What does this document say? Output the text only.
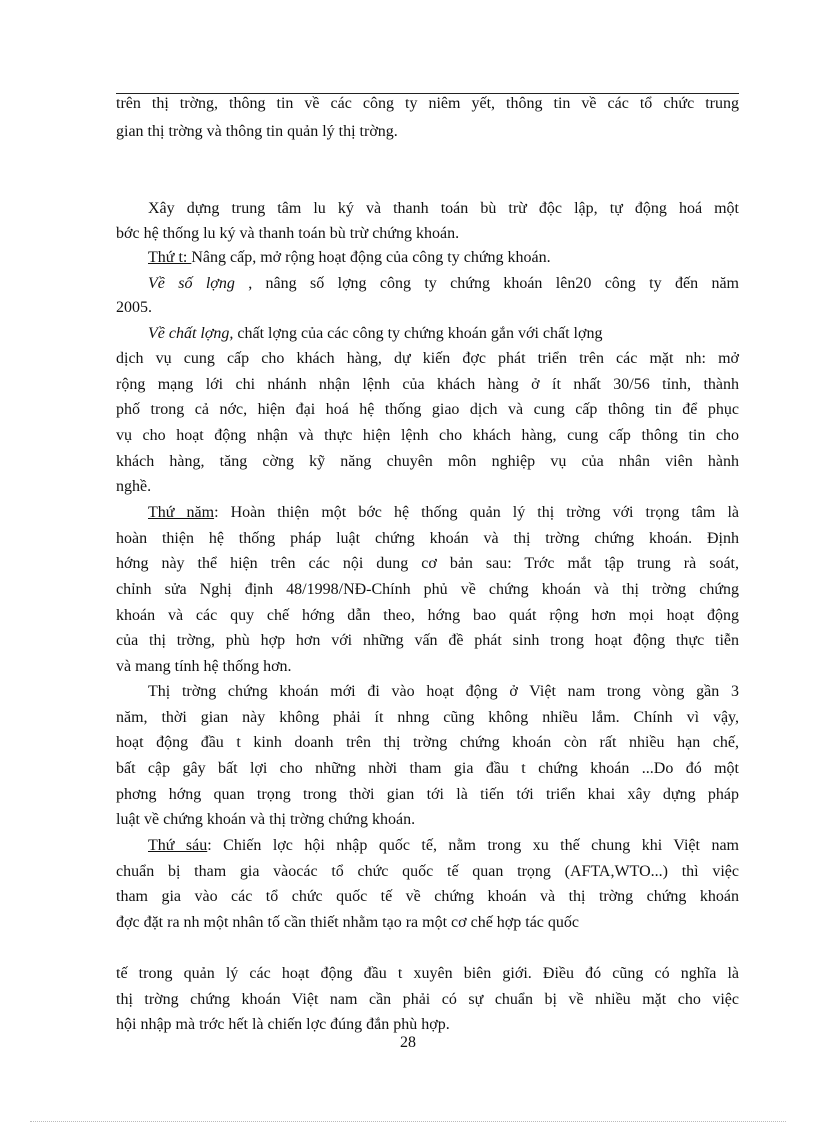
trên thị trờng, thông tin về các công ty niêm yết, thông tin về các tổ chức trung
gian thị trờng và thông tin quản lý thị trờng.
Xây dựng trung tâm lu ký và thanh toán bù trừ độc lập, tự động hoá một
bớc hệ thống lu ký và thanh toán bù trừ chứng khoán.
Thứ t: Nâng cấp, mở rộng hoạt động của công ty chứng khoán.
Về số lợng , nâng số lợng công ty chứng khoán lên20 công ty đến năm
2005.
Về chất lợng, chất lợng của các công ty chứng khoán gắn với chất lợng
dịch vụ cung cấp cho khách hàng, dự kiến đợc phát triển trên các mặt nh: mở
rộng mạng lới chi nhánh nhận lệnh của khách hàng ở ít nhất 30/56 tỉnh, thành
phố trong cả nớc, hiện đại hoá hệ thống giao dịch và cung cấp thông tin để phục
vụ cho hoạt động nhận và thực hiện lệnh cho khách hàng, cung cấp thông tin cho
khách hàng, tăng cờng kỹ năng chuyên môn nghiệp vụ của nhân viên hành
nghề.
Thứ năm: Hoàn thiện một bớc hệ thống quản lý thị trờng với trọng tâm là
hoàn thiện hệ thống pháp luật chứng khoán và thị trờng chứng khoán. Định
hớng này thể hiện trên các nội dung cơ bản sau: Trớc mắt tập trung rà soát,
chỉnh sửa Nghị định 48/1998/NĐ-Chính phủ về chứng khoán và thị trờng chứng
khoán và các quy chế hớng dẫn theo, hớng bao quát rộng hơn mọi hoạt động
của thị trờng, phù hợp hơn với những vấn đề phát sinh trong hoạt động thực tiễn
và mang tính hệ thống hơn.
Thị trờng chứng khoán mới đi vào hoạt động ở Việt nam trong vòng gần 3
năm, thời gian này không phải ít nhng cũng không nhiều lắm. Chính vì vậy,
hoạt động đầu t kinh doanh trên thị trờng chứng khoán còn rất nhiều hạn chế,
bất cập gây bất lợi cho những nhời tham gia đầu t chứng khoán ...Do đó một
phơng hớng quan trọng trong thời gian tới là tiến tới triển khai xây dựng pháp
luật về chứng khoán và thị trờng chứng khoán.
Thứ sáu: Chiến lợc hội nhập quốc tế, nằm trong xu thế chung khi Việt nam
chuẩn bị tham gia vàocác tổ chức quốc tế quan trọng (AFTA,WTO...) thì việc
tham gia vào các tổ chức quốc tế về chứng khoán và thị trờng chứng khoán
đợc đặt ra nh một nhân tố cần thiết nhằm tạo ra một cơ chế hợp tác quốc
tế trong quản lý các hoạt động đầu t xuyên biên giới. Điều đó cũng có nghĩa là
thị trờng chứng khoán Việt nam cần phải có sự chuẩn bị về nhiều mặt cho việc
hội nhập mà trớc hết là chiến lợc đúng đắn phù hợp.
28
